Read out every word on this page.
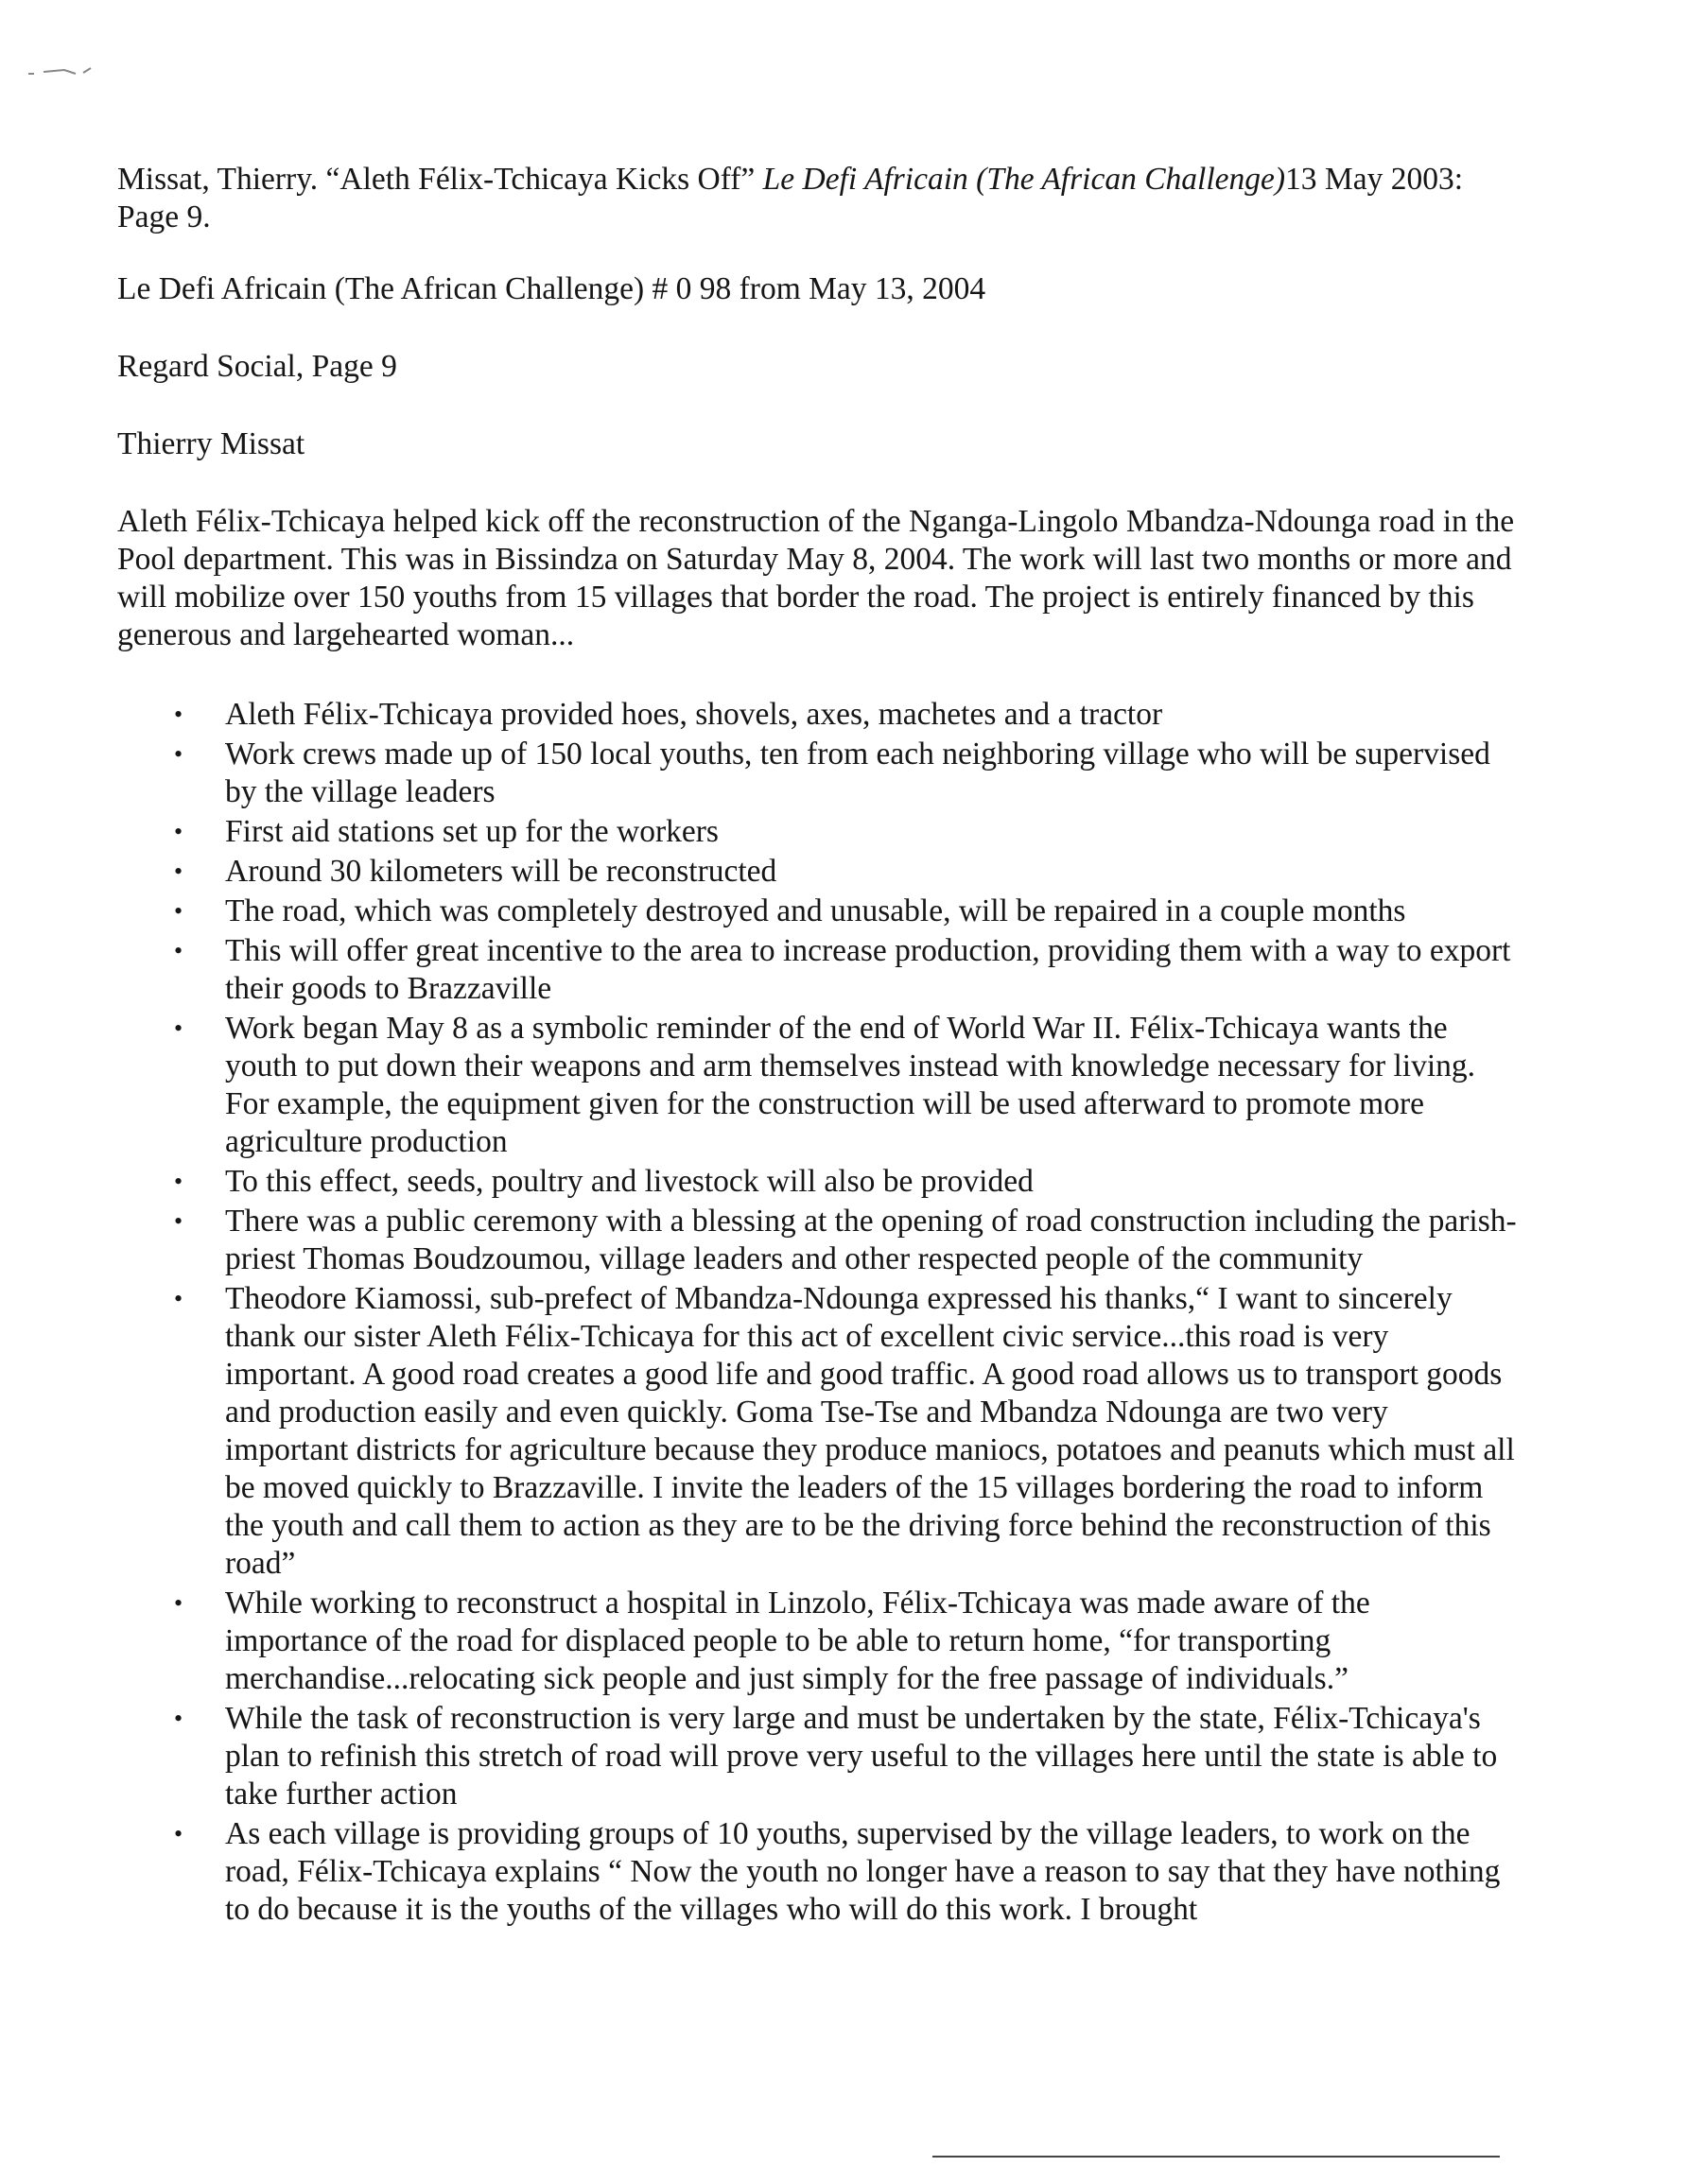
Missat, Thierry. “Aleth Félix-Tchicaya Kicks Off” Le Defi Africain (The African Challenge)13 May 2003: Page 9.

Le Defi Africain (The African Challenge) # 0 98 from May 13, 2004

Regard Social, Page 9

Thierry Missat

Aleth Félix-Tchicaya helped kick off the reconstruction of the Nganga-Lingolo Mbandza-Ndounga road in the Pool department. This was in Bissindza on Saturday May 8, 2004. The work will last two months or more and will mobilize over 150 youths from 15 villages that border the road. The project is entirely financed by this generous and largehearted woman...

• Aleth Félix-Tchicaya provided hoes, shovels, axes, machetes and a tractor
• Work crews made up of 150 local youths, ten from each neighboring village who will be supervised by the village leaders
• First aid stations set up for the workers
• Around 30 kilometers will be reconstructed
• The road, which was completely destroyed and unusable, will be repaired in a couple months
• This will offer great incentive to the area to increase production, providing them with a way to export their goods to Brazzaville
• Work began May 8 as a symbolic reminder of the end of World War II. Félix-Tchicaya wants the youth to put down their weapons and arm themselves instead with knowledge necessary for living. For example, the equipment given for the construction will be used afterward to promote more agriculture production
• To this effect, seeds, poultry and livestock will also be provided
• There was a public ceremony with a blessing at the opening of road construction including the parish-priest Thomas Boudzoumou, village leaders and other respected people of the community
• Theodore Kiamossi, sub-prefect of Mbandza-Ndounga expressed his thanks,“ I want to sincerely thank our sister Aleth Félix-Tchicaya for this act of excellent civic service...this road is very important. A good road creates a good life and good traffic. A good road allows us to transport goods and production easily and even quickly. Goma Tse-Tse and Mbandza Ndounga are two very important districts for agriculture because they produce maniocs, potatoes and peanuts which must all be moved quickly to Brazzaville. I invite the leaders of the 15 villages bordering the road to inform the youth and call them to action as they are to be the driving force behind the reconstruction of this road”
• While working to reconstruct a hospital in Linzolo, Félix-Tchicaya was made aware of the importance of the road for displaced people to be able to return home, “for transporting merchandise...relocating sick people and just simply for the free passage of individuals.”
• While the task of reconstruction is very large and must be undertaken by the state, Félix-Tchicaya's plan to refinish this stretch of road will prove very useful to the villages here until the state is able to take further action
• As each village is providing groups of 10 youths, supervised by the village leaders, to work on the road, Félix-Tchicaya explains “ Now the youth no longer have a reason to say that they have nothing to do because it is the youths of the villages who will do this work. I brought
